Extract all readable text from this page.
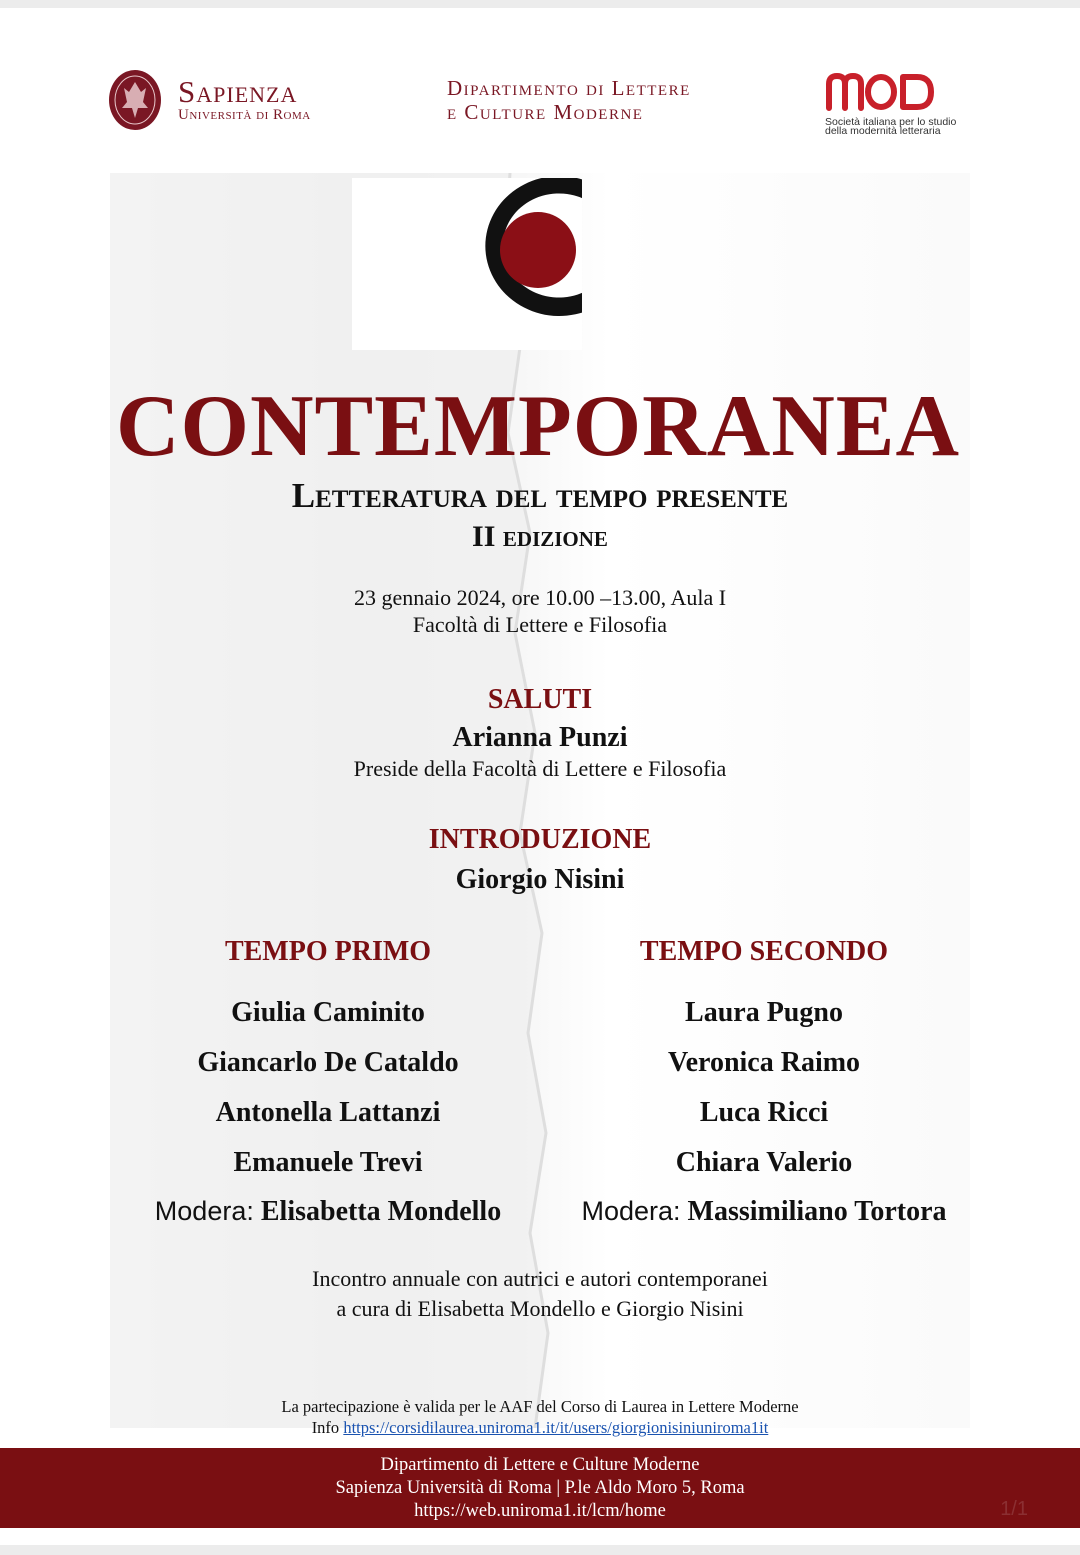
Sapienza
Università di Roma
Dipartimento di Lettere
e Culture Moderne	Società italiana per lo studio
della modernità letteraria
CONTEMPORANEA
Letteratura del tempo presente
II edizione
23 gennaio 2024, ore 10.00 –13.00, Aula I
Facoltà di Lettere e Filosofia
SALUTI
Arianna Punzi
Preside della Facoltà di Lettere e Filosofia
INTRODUZIONE
Giorgio Nisini
TEMPO PRIMO
Giulia Caminito
Giancarlo De Cataldo
Antonella Lattanzi
Emanuele Trevi
Modera: Elisabetta Mondello
TEMPO SECONDO
Laura Pugno
Veronica Raimo
Luca Ricci
Chiara Valerio
Modera: Massimiliano Tortora
Incontro annuale con autrici e autori contemporanei
a cura di Elisabetta Mondello e Giorgio Nisini
La partecipazione è valida per le AAF del Corso di Laurea in Lettere Moderne
Info https://corsidilaurea.uniroma1.it/it/users/giorgionisiniuniroma1it
Dipartimento di Lettere e Culture Moderne
Sapienza Università di Roma | P.le Aldo Moro 5, Roma
https://web.uniroma1.it/lcm/home	1/1
